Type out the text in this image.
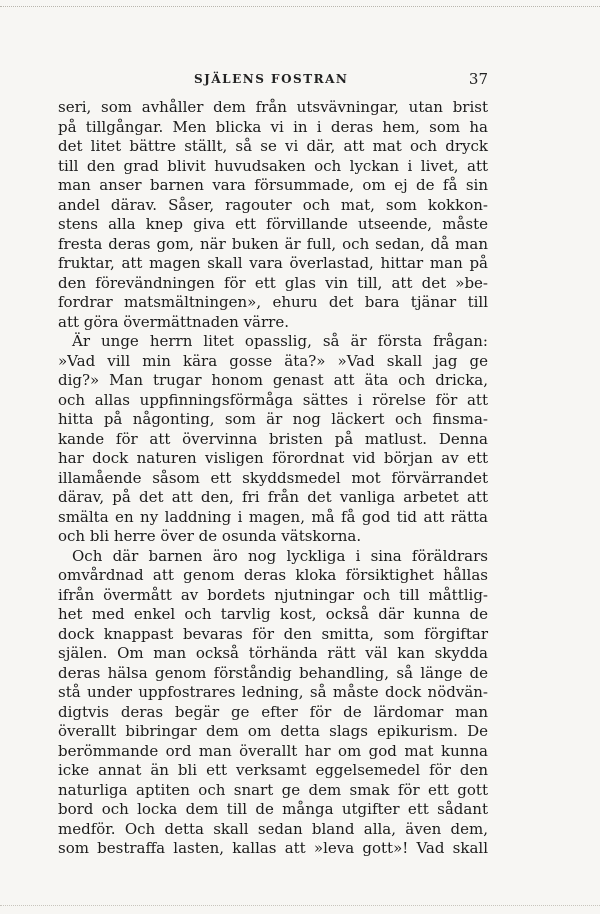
SJÄLENS FOSTRAN	37
seri, som avhåller dem från utsvävningar, utan brist
på tillgångar. Men blicka vi in i deras hem, som ha
det litet bättre ställt, så se vi där, att mat och dryck
till den grad blivit huvudsaken och lyckan i livet, att
man anser barnen vara försummade, om ej de få sin
andel därav. Såser, ragouter och mat, som kokkon-
stens alla knep giva ett förvillande utseende, måste
fresta deras gom, när buken är full, och sedan, då man
fruktar, att magen skall vara överlastad, hittar man på
den förevändningen för ett glas vin till, att det »be-
fordrar matsmältningen», ehuru det bara tjänar till
att göra övermättnaden värre.
Är unge herrn litet opasslig, så är första frågan:
»Vad vill min kära gosse äta?» »Vad skall jag ge
dig?» Man trugar honom genast att äta och dricka,
och allas uppfinningsförmåga sättes i rörelse för att
hitta på någonting, som är nog läckert och finsma-
kande för att övervinna bristen på matlust. Denna
har dock naturen visligen förordnat vid början av ett
illamående såsom ett skyddsmedel mot förvärrandet
därav, på det att den, fri från det vanliga arbetet att
smälta en ny laddning i magen, må få god tid att rätta
och bli herre över de osunda vätskorna.
Och där barnen äro nog lyckliga i sina föräldrars
omvårdnad att genom deras kloka försiktighet hållas
ifrån övermått av bordets njutningar och till måttlig-
het med enkel och tarvlig kost, också där kunna de
dock knappast bevaras för den smitta, som förgiftar
själen. Om man också törhända rätt väl kan skydda
deras hälsa genom förståndig behandling, så länge de
stå under uppfostrares ledning, så måste dock nödvän-
digtvis deras begär ge efter för de lärdomar man
överallt bibringar dem om detta slags epikurism. De
berömmande ord man överallt har om god mat kunna
icke annat än bli ett verksamt eggelsemedel för den
naturliga aptiten och snart ge dem smak för ett gott
bord och locka dem till de många utgifter ett sådant
medför. Och detta skall sedan bland alla, även dem,
som bestraffa lasten, kallas att »leva gott»! Vad skall
